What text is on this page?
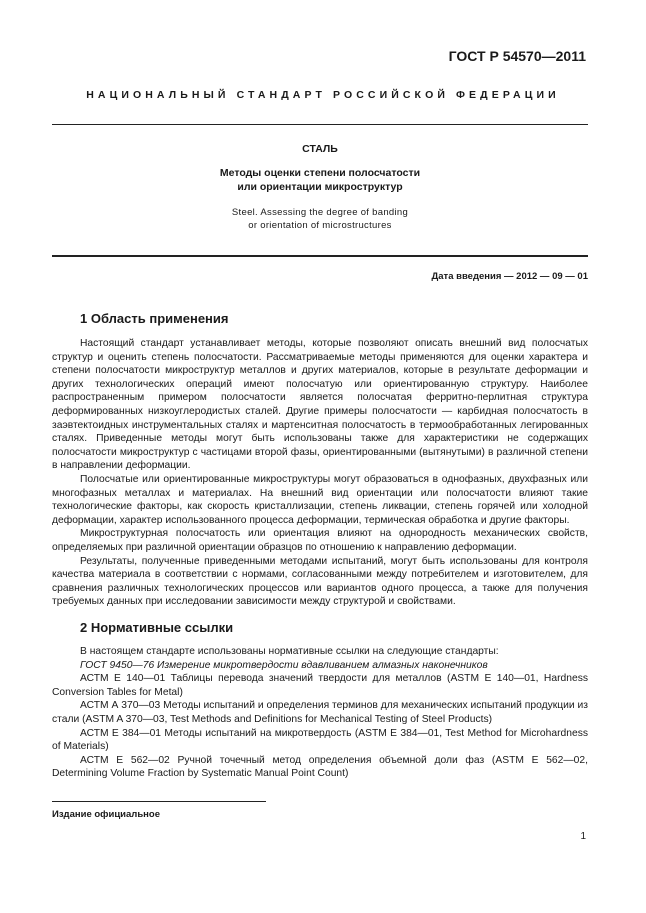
ГОСТ Р 54570—2011
НАЦИОНАЛЬНЫЙ СТАНДАРТ РОССИЙСКОЙ ФЕДЕРАЦИИ
СТАЛЬ
Методы оценки степени полосчатости
или ориентации микроструктур
Steel. Assessing the degree of banding
or orientation of microstructures
Дата введения — 2012 — 09 — 01
1 Область применения

Настоящий стандарт устанавливает методы, которые позволяют описать внешний вид полосчатых структур и оценить степень полосчатости. Рассматриваемые методы применяются для оценки характера и степени полосчатости микроструктур металлов и других материалов, которые в результате деформации и других технологических операций имеют полосчатую или ориентированную структуру. Наиболее распространенным примером полосчатости является полосчатая ферритно-перлитная структура деформированных низкоуглеродистых сталей. Другие примеры полосчатости — карбидная полосчатость в заэвтектоидных инструментальных сталях и мартенситная полосчатость в термообработанных легированных сталях. Приведенные методы могут быть использованы также для характеристики не содержащих полосчатости микроструктур с частицами второй фазы, ориентированными (вытянутыми) в различной степени в направлении деформации.

Полосчатые или ориентированные микроструктуры могут образоваться в однофазных, двухфазных или многофазных металлах и материалах. На внешний вид ориентации или полосчатости влияют такие технологические факторы, как скорость кристаллизации, степень ликвации, степень горячей или холодной деформации, характер использованного процесса деформации, термическая обработка и другие факторы.

Микроструктурная полосчатость или ориентация влияют на однородность механических свойств, определяемых при различной ориентации образцов по отношению к направлению деформации.

Результаты, полученные приведенными методами испытаний, могут быть использованы для контроля качества материала в соответствии с нормами, согласованными между потребителем и изготовителем, для сравнения различных технологических процессов или вариантов одного процесса, а также для получения требуемых данных при исследовании зависимости между структурой и свойствами.

2 Нормативные ссылки

В настоящем стандарте использованы нормативные ссылки на следующие стандарты:

ГОСТ 9450—76 Измерение микротвердости вдавливанием алмазных наконечников

АСТМ Е 140—01 Таблицы перевода значений твердости для металлов (ASTM E 140—01, Hardness Conversion Tables for Metal)

АСТМ А 370—03 Методы испытаний и определения терминов для механических испытаний продукции из стали (ASTM A 370—03, Test Methods and Definitions for Mechanical Testing of Steel Products)

АСТМ Е 384—01 Методы испытаний на микротвердость (ASTM E 384—01, Test Method for Microhardness of Materials)

АСТМ Е 562—02 Ручной точечный метод определения объемной доли фаз (ASTM E 562—02, Determining Volume Fraction by Systematic Manual Point Count)

Издание официальное
1
